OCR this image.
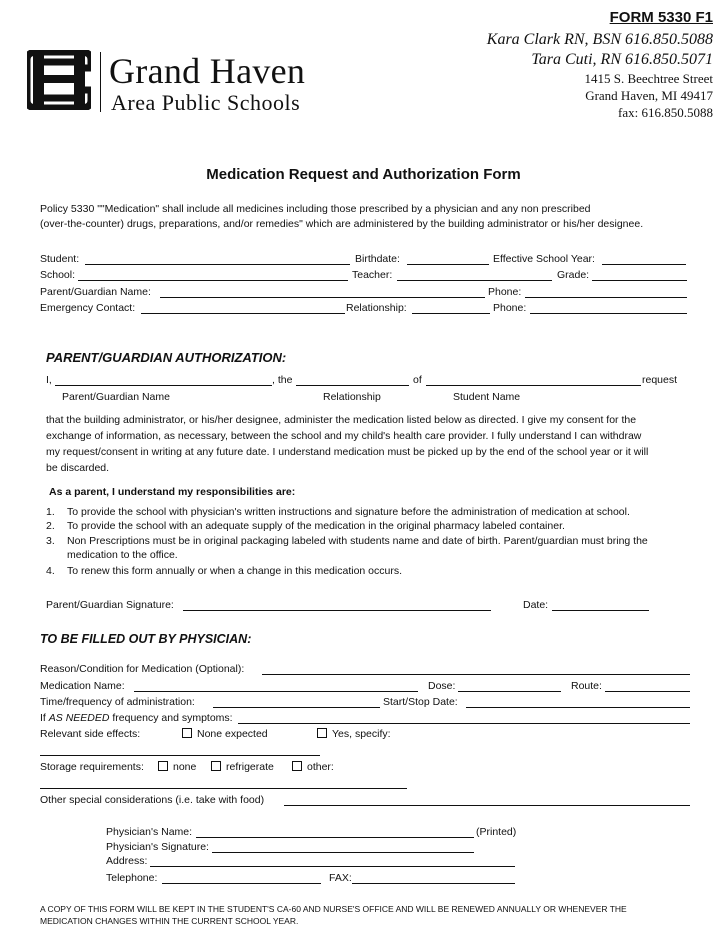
Grand Haven
Area Public Schools
FORM 5330 F1
Kara Clark RN, BSN 616.850.5088
Tara Cuti, RN 616.850.5071
1415 S. Beechtree Street
Grand Haven, MI 49417
fax: 616.850.5088
Medication Request and Authorization Form
Policy 5330 ""Medication" shall include all medicines including those prescribed by a physician and any non prescribed
(over-the-counter) drugs, preparations, and/or remedies" which are administered by the building administrator or his/her designee.
Student:	Birthdate:	Effective School Year:
School:	Teacher:	Grade:
Parent/Guardian Name:	Phone:
Emergency Contact:	Relationship:	Phone:
PARENT/GUARDIAN AUTHORIZATION:
I,	, the	of	request
Parent/Guardian Name	Relationship	Student Name
that the building administrator, or his/her designee, administer the medication listed below as directed. I give my consent for the
exchange of information, as necessary, between the school and my child's health care provider. I fully understand I can withdraw
my request/consent in writing at any future date. I understand medication must be picked up by the end of the school year or it will
be discarded.
As a parent, I understand my responsibilities are:
1. To provide the school with physician's written instructions and signature before the administration of medication at school.
2. To provide the school with an adequate supply of the medication in the original pharmacy labeled container.
3. Non Prescriptions must be in original packaging labeled with students name and date of birth. Parent/guardian must bring the
medication to the office.
4. To renew this form annually or when a change in this medication occurs.
Parent/Guardian Signature:	Date:
TO BE FILLED OUT BY PHYSICIAN:
Reason/Condition for Medication (Optional):
Medication Name:	Dose:	Route:
Time/frequency of administration:	Start/Stop Date:
If AS NEEDED frequency and symptoms:
Relevant side effects:	None expected	Yes, specify:
Storage requirements:	none	refrigerate	other:
Other special considerations (i.e. take with food)
Physician's Name:	(Printed)
Physician's Signature:
Address:
Telephone:	FAX:
A COPY OF THIS FORM WILL BE KEPT IN THE STUDENT'S CA-60 AND NURSE'S OFFICE AND WILL BE RENEWED ANNUALLY OR WHENEVER THE
MEDICATION CHANGES WITHIN THE CURRENT SCHOOL YEAR.
